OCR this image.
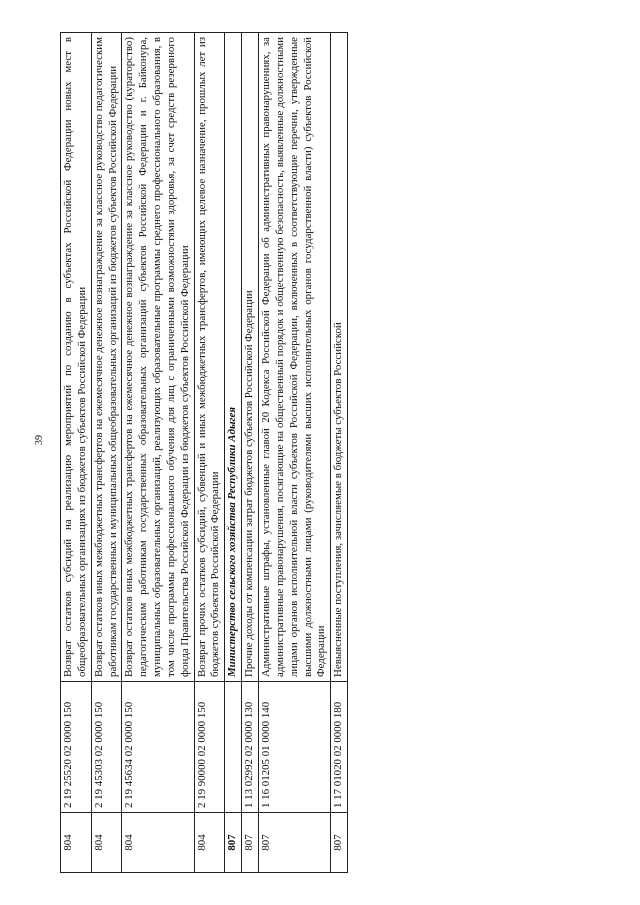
39
804	2 19 25520 02 0000 150	Возврат остатков субсидий на реализацию мероприятий по созданию в субъектах Российской Федерации новых мест в общеобразовательных организациях из бюджетов субъектов Российской Федерации
804	2 19 45303 02 0000 150	Возврат остатков иных межбюджетных трансфертов на ежемесячное денежное вознаграждение за классное руководство педагогическим работникам государственных и муниципальных общеобразовательных организаций из бюджетов субъектов Российской Федерации
804	2 19 45634 02 0000 150	Возврат остатков иных межбюджетных трансфертов на ежемесячное денежное вознаграждение за классное руководство (кураторство) педагогическим работникам государственных образовательных организаций субъектов Российской Федерации и г. Байконура, муниципальных образовательных организаций, реализующих образовательные программы среднего профессионального образования, в том числе программы профессионального обучения для лиц с ограниченными возможностями здоровья, за счет средств резервного фонда Правительства Российской Федерации из бюджетов субъектов Российской Федерации
804	2 19 90000 02 0000 150	Возврат прочих остатков субсидий, субвенций и иных межбюджетных трансфертов, имеющих целевое назначение, прошлых лет из бюджетов субъектов Российской Федерации
807		Министерство сельского хозяйства Республики Адыгея
807	1 13 02992 02 0000 130	Прочие доходы от компенсации затрат бюджетов субъектов Российской Федерации
807	1 16 01205 01 0000 140	Административные штрафы, установленные главой 20 Кодекса Российской Федерации об административных правонарушениях, за административные правонарушения, посягающие на общественный порядок и общественную безопасность, выявленные должностными лицами органов исполнительной власти субъектов Российской Федерации, включенных в соответствующие перечни, утвержденные высшими должностными лицами (руководителями высших исполнительных органов государственной власти) субъектов Российской Федерации
807	1 17 01020 02 0000 180	Невыясненные поступления, зачисляемые в бюджеты субъектов Российской
